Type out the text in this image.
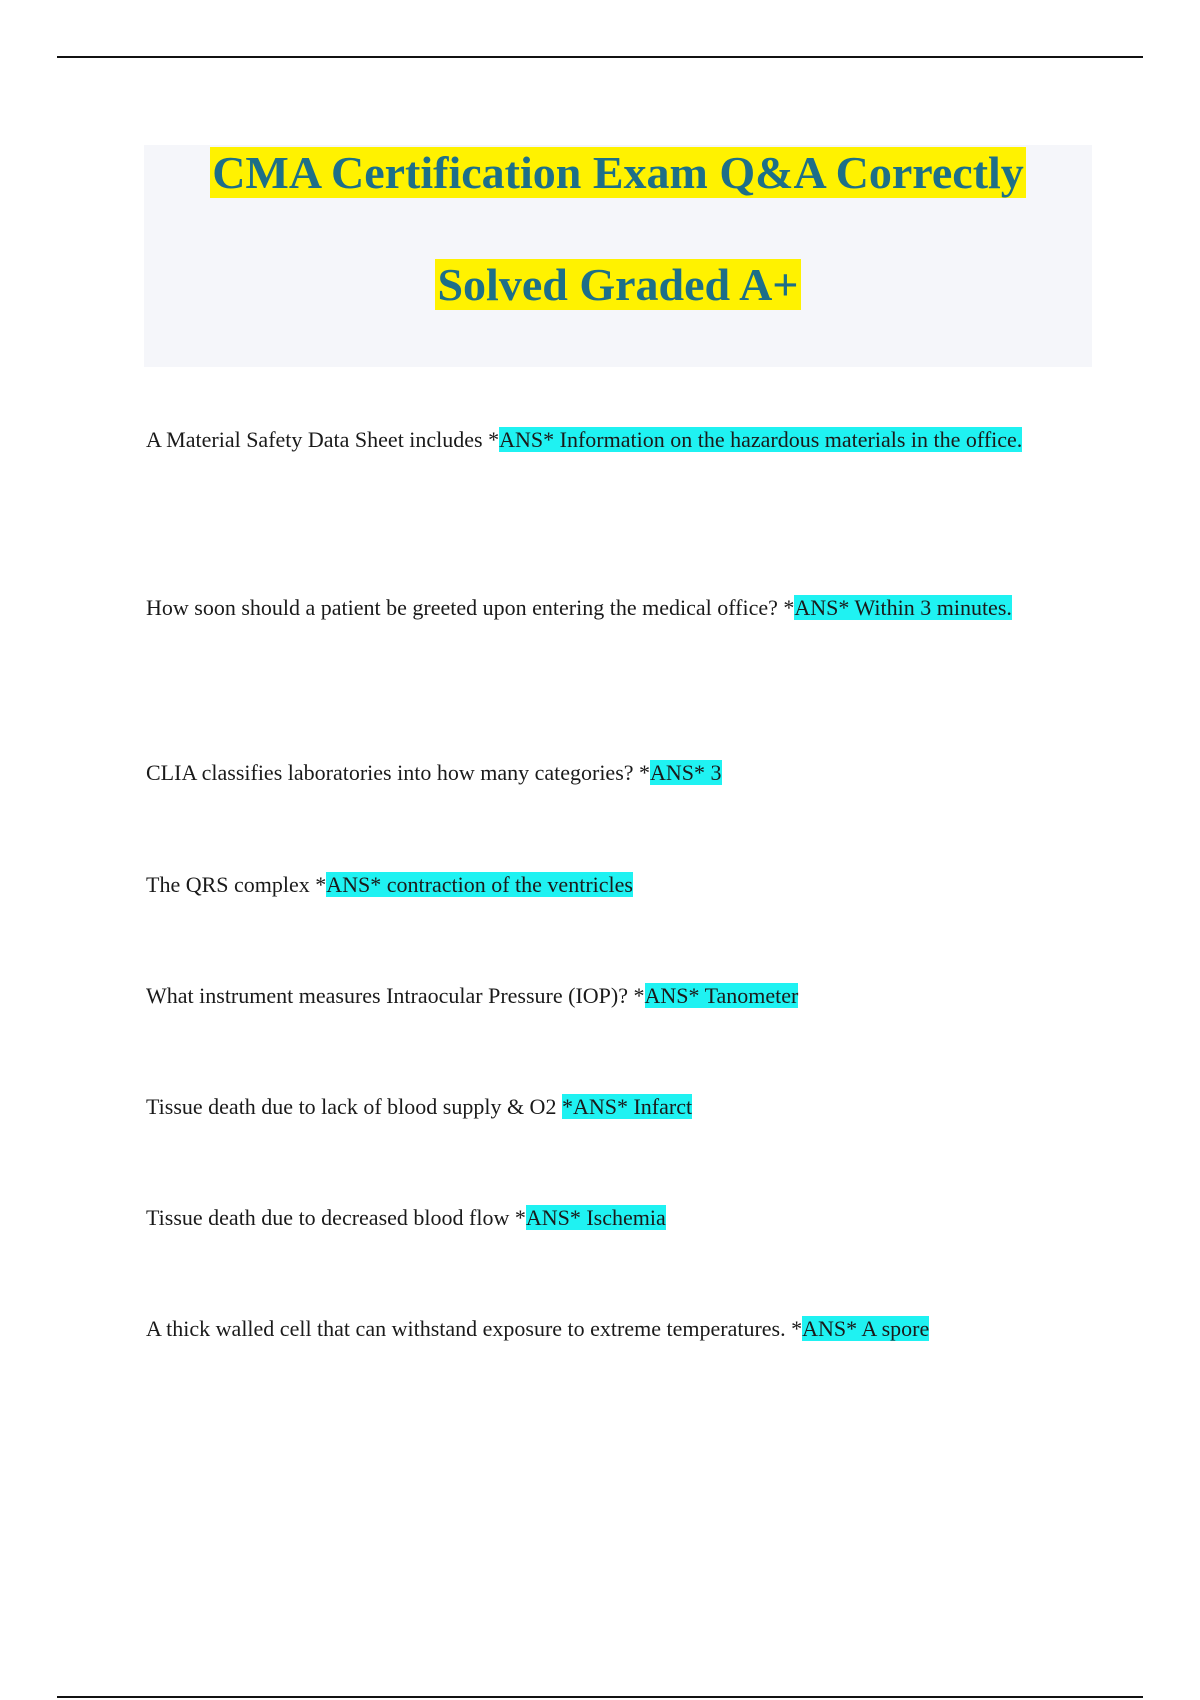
CMA Certification Exam Q&A Correctly
Solved Graded A+

A Material Safety Data Sheet includes *ANS* Information on the hazardous materials in the office.

How soon should a patient be greeted upon entering the medical office? *ANS* Within 3 minutes.

CLIA classifies laboratories into how many categories? *ANS* 3

The QRS complex *ANS* contraction of the ventricles

What instrument measures Intraocular Pressure (IOP)? *ANS* Tanometer

Tissue death due to lack of blood supply & O2 *ANS* Infarct

Tissue death due to decreased blood flow *ANS* Ischemia

A thick walled cell that can withstand exposure to extreme temperatures. *ANS* A spore
